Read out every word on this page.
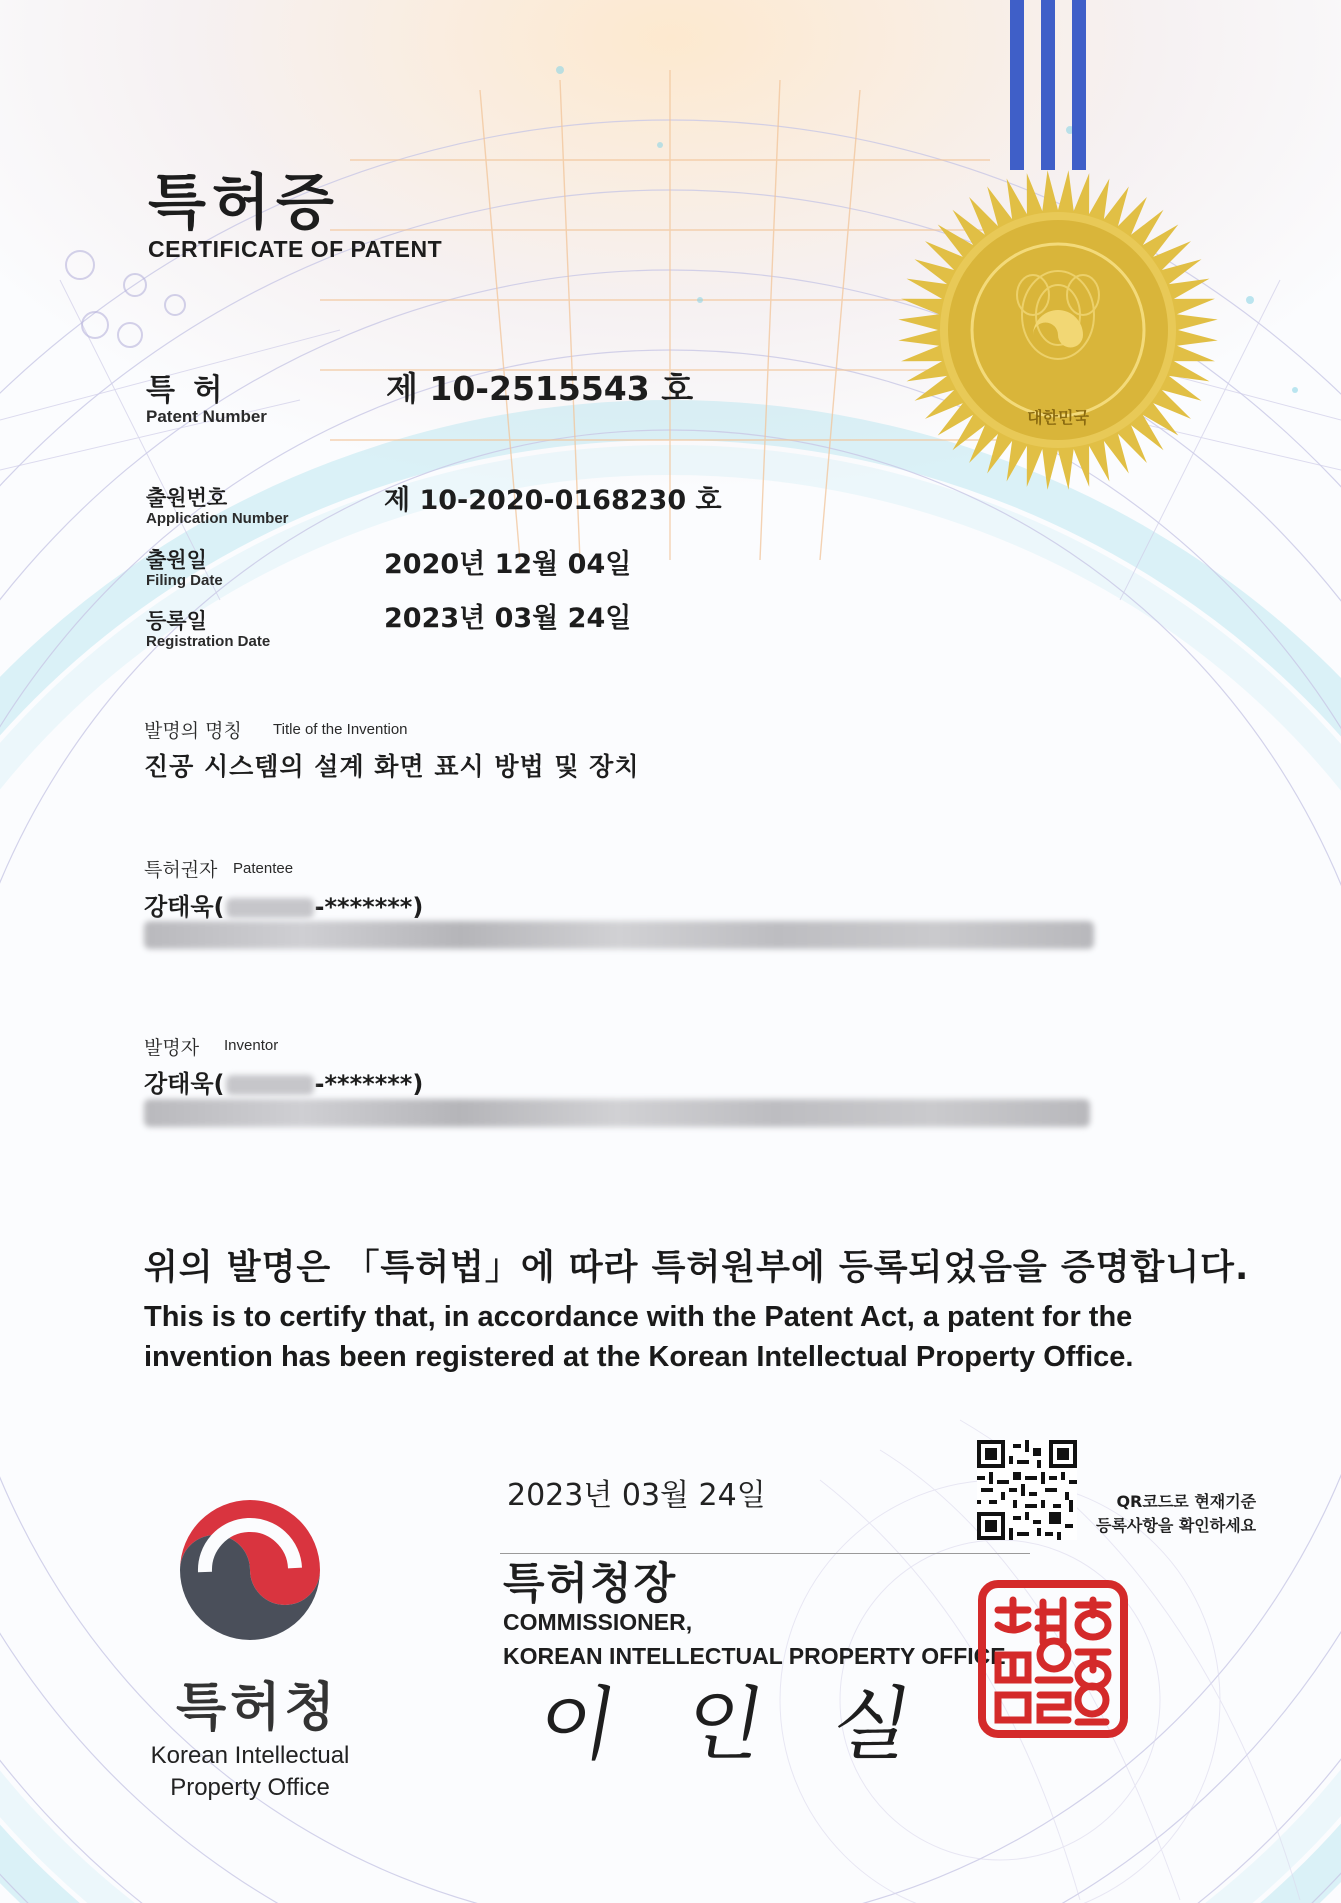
대한민국
특허증
CERTIFICATE OF PATENT
특 허
Patent Number
제 10-2515543 호
출원번호
Application Number
제 10-2020-0168230 호
출원일
Filing Date
2020년 12월 04일
등록일
Registration Date
2023년 03월 24일
발명의 명칭 Title of the Invention
진공 시스템의 설계 화면 표시 방법 및 장치
특허권자 Patentee
강태욱(	-*******)
발명자 Inventor
강태욱(	-*******)
위의 발명은 「특허법」에 따라 특허원부에 등록되었음을 증명합니다.
This is to certify that, in accordance with the Patent Act, a patent for the invention has been registered at the Korean Intellectual Property Office.
2023년 03월 24일
특허청장
COMMISSIONER,
KOREAN INTELLECTUAL PROPERTY OFFICE
이인실
QR코드로 현재기준
등록사항을 확인하세요
특허청
Korean Intellectual
Property Office
